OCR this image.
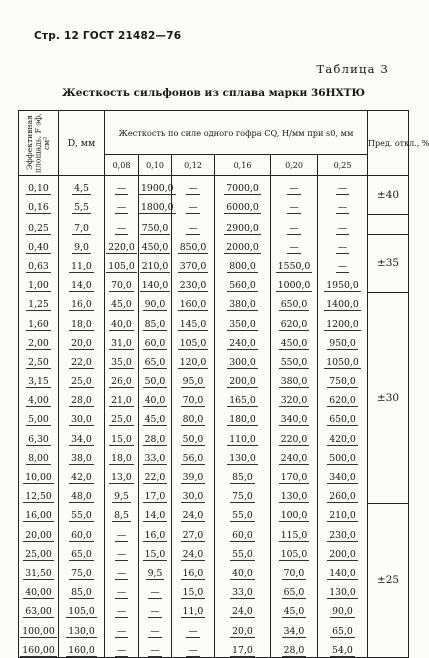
Стр. 12 ГОСТ 21482—76
Таблица 3
Жесткость сильфонов из сплава марки 36НХТЮ
Эффективная площадь, F эф, см²	D, мм	Жесткость по силе одного гофра CQ, Н/мм при s0, мм						Пред. откл., %
		0,08	0,10	0,12	0,16	0,20	0,25	
0,10	4,5	—	1900,0	—	7000,0	—	—	±40
0,16	5,5	—	1800,0	—	6000,0	—	—	
0,25	7,0	—	750,0	—	2900,0	—	—	
0,40	9,0	220,0	450,0	850,0	2000,0	—	—	±35
0,63	11,0	105,0	210,0	370,0	800,0	1550,0	—	
1,00	14,0	70,0	140,0	230,0	560,0	1000,0	1950,0	
1,25	16,0	45,0	90,0	160,0	380,0	650,0	1400,0	±30
1,60	18,0	40,0	85,0	145,0	350,0	620,0	1200,0	
2,00	20,0	31,0	60,0	105,0	240,0	450,0	950,0	
2,50	22,0	35,0	65,0	120,0	300,0	550,0	1050,0	
3,15	25,0	26,0	50,0	95,0	200,0	380,0	750,0	
4,00	28,0	21,0	40,0	70,0	165,0	320,0	620,0	
5,00	30,0	25,0	45,0	80,0	180,0	340,0	650,0	
6,30	34,0	15,0	28,0	50,0	110,0	220,0	420,0	
8,00	38,0	18,0	33,0	56,0	130,0	240,0	500,0	
10,00	42,0	13,0	22,0	39,0	85,0	170,0	340,0	
12,50	48,0	9,5	17,0	30,0	75,0	130,0	260,0	
16,00	55,0	8,5	14,0	24,0	55,0	100,0	210,0	±25
20,00	60,0	—	16,0	27,0	60,0	115,0	230,0	
25,00	65,0	—	15,0	24,0	55,0	105,0	200,0	
31,50	75,0	—	9,5	16,0	40,0	70,0	140,0	
40,00	85,0	—	—	15,0	33,0	65,0	130,0	
63,00	105,0	—	—	11,0	24,0	45,0	90,0	
100,00	130,0	—	—	—	20,0	34,0	65,0	
160,00	160,0	—	—	—	17,0	28,0	54,0	
